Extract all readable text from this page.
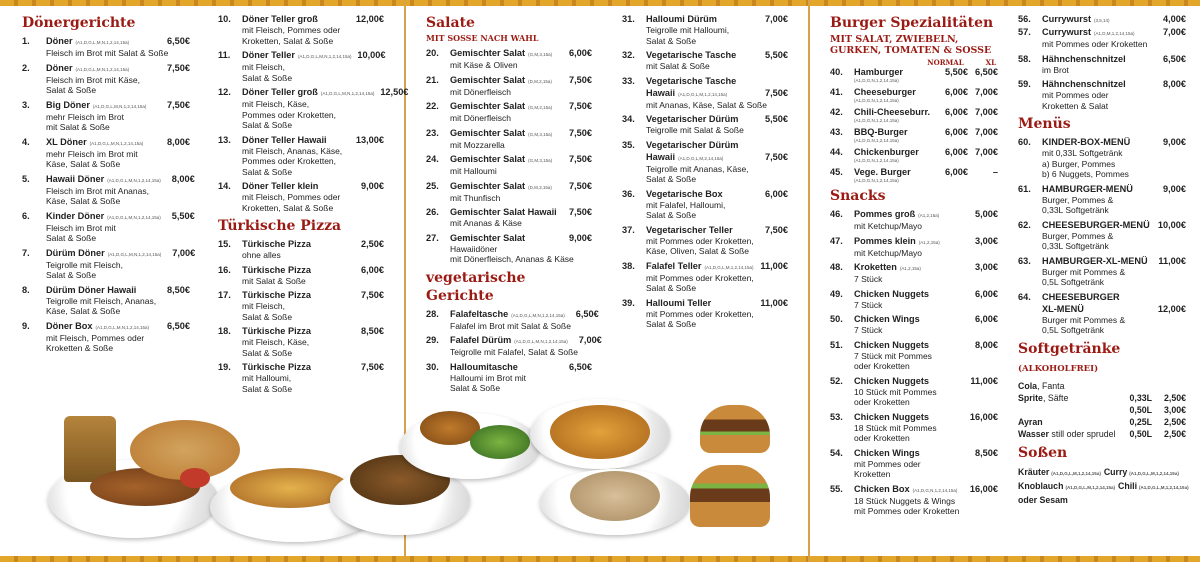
Dönergerichte
1.	Döner (A1,D,G,L,M,N,1,2,14,15a)	6,50€
Fleisch im Brot mit Salat & Soße
2.	Döner (A1,D,G,L,M,N,1,2,14,15a)	7,50€
Fleisch im Brot mit Käse,
Salat & Soße
3.	Big Döner (A1,D,G,L,M,N,1,2,14,15a)	7,50€
mehr Fleisch im Brot
mit Salat & Soße
4.	XL Döner (A1,D,G,L,M,N,1,2,14,15a)	8,00€
mehr Fleisch im Brot mit
Käse, Salat & Soße
5.	Hawaii Döner (A1,D,G,L,M,N,1,2,14,15a)	8,00€
Fleisch im Brot mit Ananas,
Käse, Salat & Soße
6.	Kinder Döner (A1,D,G,L,M,N,1,2,14,15a)	5,50€
Fleisch im Brot mit
Salat & Soße
7.	Dürüm Döner (A1,D,G,L,M,N,1,2,14,15a)	7,00€
Teigrolle mit Fleisch,
Salat & Soße
8.	Dürüm Döner Hawaii	8,50€
Teigrolle mit Fleisch, Ananas,
Käse, Salat & Soße
9.	Döner Box (A1,D,G,L,M,N,1,2,14,15a)	6,50€
mit Fleisch, Pommes oder
Kroketten & Soße
10.	Döner Teller groß	12,00€
mit Fleisch, Pommes oder
Kroketten, Salat & Soße
11.	Döner Teller (A1,D,G,L,M,N,1,2,14,15a) 10,00€
mit Fleisch,
Salat & Soße
12.	Döner Teller groß (A1,D,G,L,M,N,1,2,14,15a) 12,50€
mit Fleisch, Käse,
Pommes oder Kroketten,
Salat & Soße
13.	Döner Teller Hawaii	13,00€
mit Fleisch, Ananas, Käse,
Pommes oder Kroketten,
Salat & Soße
14.	Döner Teller klein	9,00€
mit Fleisch, Pommes oder
Kroketten, Salat & Soße
Türkische Pizza
15.	Türkische Pizza	2,50€
ohne alles
16.	Türkische Pizza	6,00€
mit Salat & Soße
17.	Türkische Pizza	7,50€
mit Fleisch,
Salat & Soße
18.	Türkische Pizza	8,50€
mit Fleisch, Käse,
Salat & Soße
19.	Türkische Pizza	7,50€
mit Halloumi,
Salat & Soße
Salate
MIT SOSSE NACH WAHL
20.	Gemischter Salat (G,M,3,15a)	6,00€
mit Käse & Oliven
21.	Gemischter Salat (D,M,2,15a)	7,50€
mit Dönerfleisch
22.	Gemischter Salat (G,M,2,15a)	7,50€
mit Dönerfleisch
23.	Gemischter Salat (G,M,3,15a)	7,50€
mit Mozzarella
24.	Gemischter Salat (G,M,3,15a)	7,50€
mit Halloumi
25.	Gemischter Salat (D,M,3,15a)	7,50€
mit Thunfisch
26.	Gemischter Salat Hawaii	7,50€
mit Ananas & Käse
27.	Gemischter Salat	9,00€
Hawaiidöner
mit Dönerfleisch, Ananas & Käse
vegetarische Gerichte
28.	Falafeltasche (A1,D,G,L,M,N,1,2,14,15a)	6,50€
Falafel im Brot mit Salat & Soße
29.	Falafel Dürüm (A1,D,G,L,M,N,1,2,14,15a)	7,00€
Teigrolle mit Falafel, Salat & Soße
30.	Halloumitasche	6,50€
Halloumi im Brot mit
Salat & Soße
31.	Halloumi Dürüm	7,00€
Teigrolle mit Halloumi,
Salat & Soße
32.	Vegetarische Tasche	5,50€
mit Salat & Soße
33.	Vegetarische Tasche
Hawaii (A1,D,G,L,M,1,2,14,15a)	7,50€
mit Ananas, Käse, Salat & Soße
34.	Vegetarischer Dürüm	5,50€
Teigrolle mit Salat & Soße
35.	Vegetarischer Dürüm
Hawaii (A1,D,G,L,M,2,14,15a)	7,50€
Teigrolle mit Ananas, Käse,
Salat & Soße
36.	Vegetarische Box	6,00€
mit Falafel, Halloumi,
Salat & Soße
37.	Vegetarischer Teller	7,50€
mit Pommes oder Kroketten,
Käse, Oliven, Salat & Soße
38.	Falafel Teller (A1,D,G,L,M,1,2,14,15a) 11,00€
mit Pommes oder Kroketten,
Salat & Soße
39.	Halloumi Teller	11,00€
mit Pommes oder Kroketten,
Salat & Soße
Burger Spezialitäten
MIT SALAT, ZWIEBELN, GURKEN, TOMATEN & SOSSE
NORMAL	XL
40.	Hamburger	5,50€ 6,50€
(A1,D,G,N,1,2,14,15a)
41.	Cheeseburger	6,00€ 7,00€
(A1,D,G,N,1,2,14,15a)
42.	Chili-Cheeseburr.	6,00€ 7,00€
(A1,D,G,N,1,2,14,15a)
43.	BBQ-Burger	6,00€ 7,00€
(A1,D,G,N,1,2,14,15a)
44.	Chickenburger	6,00€ 7,00€
(A1,D,G,N,1,2,14,15a)
45.	Vege. Burger	6,00€	–
(A1,D,G,N,1,2,14,15a)
Snacks
46.	Pommes groß (A1,2,15a)	5,00€
mit Ketchup/Mayo
47.	Pommes klein (A1,2,15a)	3,00€
mit Ketchup/Mayo
48.	Kroketten (A1,2,15a)	3,00€
7 Stück
49.	Chicken Nuggets	6,00€
7 Stück
50.	Chicken Wings	6,00€
7 Stück
51.	Chicken Nuggets	8,00€
7 Stück mit Pommes
oder Kroketten
52.	Chicken Nuggets	11,00€
10 Stück mit Pommes
oder Kroketten
53.	Chicken Nuggets	16,00€
18 Stück mit Pommes
oder Kroketten
54.	Chicken Wings	8,50€
mit Pommes oder
Kroketten
55.	Chicken Box (A1,D,G,N,1,2,14,15a)	16,00€
18 Stück Nuggets & Wings
mit Pommes oder Kroketten
56.	Currywurst (3,5,14)	4,00€
57.	Currywurst (A1,D,M,1,2,14,15a)	7,00€
mit Pommes oder Kroketten
58.	Hähnchenschnitzel	6,50€
im Brot
59.	Hähnchenschnitzel	8,00€
mit Pommes oder
Kroketten & Salat
Menüs
60.	KINDER-BOX-MENÜ	9,00€
mit 0,33L Softgetränk
a) Burger, Pommes
b) 6 Nuggets, Pommes
61.	HAMBURGER-MENÜ	9,00€
Burger, Pommes &
0,33L Softgetränk
62.	CHEESEBURGER-MENÜ 10,00€
Burger, Pommes &
0,33L Softgetränk
63.	HAMBURGER-XL-MENÜ	11,00€
Burger mit Pommes &
0,5L Softgetränk
64.	CHEESEBURGER
XL-MENÜ	12,00€
Burger mit Pommes &
0,5L Softgetränk
Softgetränke (ALKOHOLFREI)
Cola, Fanta
Sprite, Säfte	0,33L	2,50€
0,50L	3,00€
Ayran	0,25L	2,50€
Wasser still oder sprudel	0,50L	2,50€
Soßen
Kräuter (A1,D,G,L,M,1,2,14,15a) Curry (A1,D,G,L,M,1,2,14,15a)
Knoblauch (A1,D,G,L,M,1,2,14,15a) Chili (A1,D,G,L,M,1,2,14,15a)
oder Sesam
